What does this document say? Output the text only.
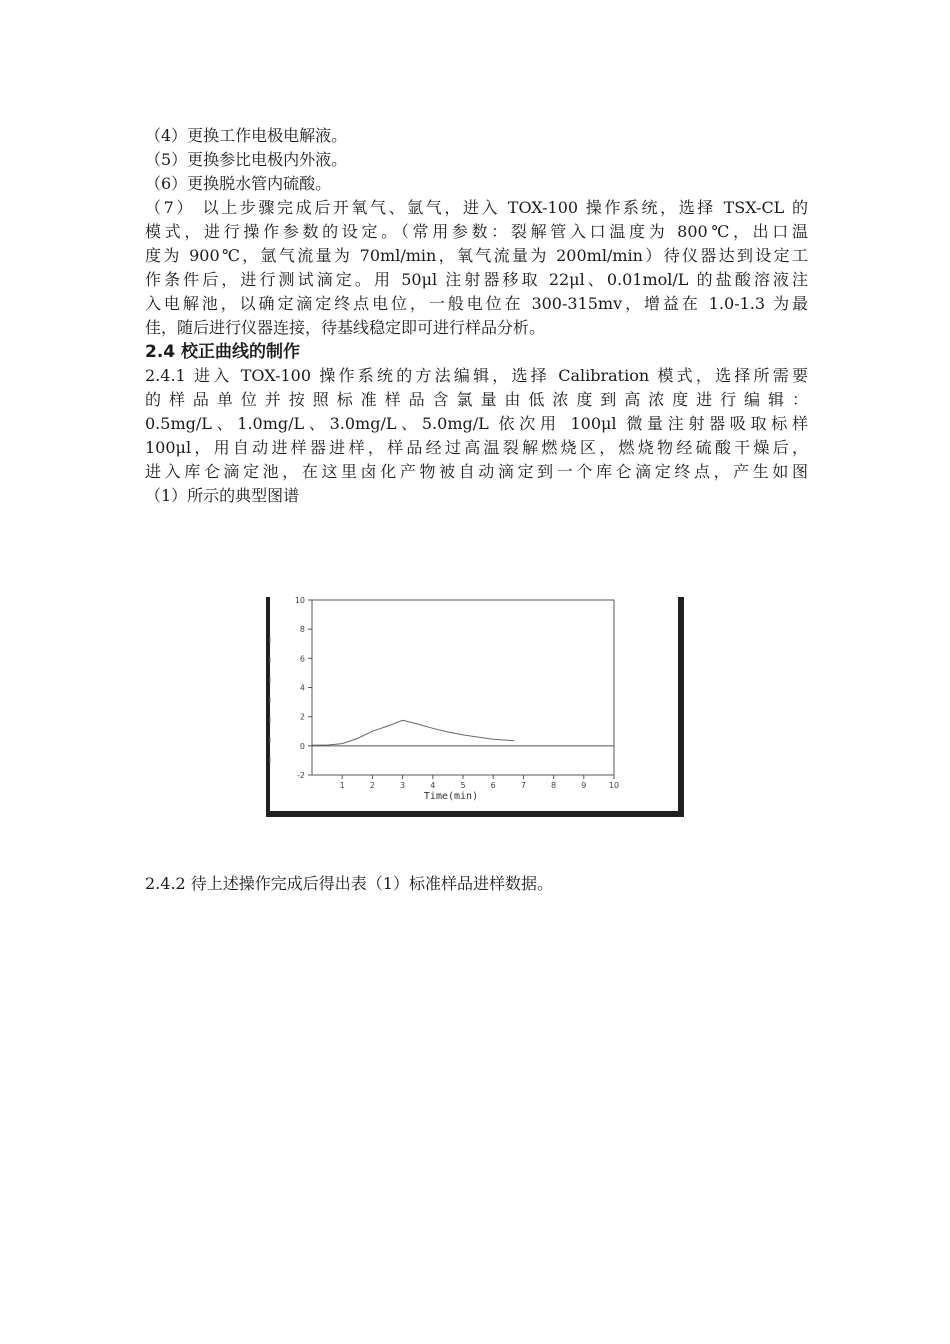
（4）更换工作电极电解液。
（5）更换参比电极内外液。
（6）更换脱水管内硫酸。
（7） 以上步骤完成后开氧气、氩气，进入 TOX-100 操作系统，选择 TSX-CL 的
模式，进行操作参数的设定。（常用参数：裂解管入口温度为 800℃，出口温
度为 900℃，氩气流量为 70ml/min，氧气流量为 200ml/min）待仪器达到设定工
作条件后，进行测试滴定。用 50μl 注射器移取 22μl、0.01mol/L 的盐酸溶液注
入电解池，以确定滴定终点电位，一般电位在 300-315mv，增益在 1.0-1.3 为最
佳，随后进行仪器连接，待基线稳定即可进行样品分析。
2.4 校正曲线的制作
2.4.1 进入 TOX-100 操作系统的方法编辑，选择 Calibration 模式，选择所需要
的样品单位并按照标准样品含氯量由低浓度到高浓度进行编辑：
0.5mg/L、1.0mg/L、3.0mg/L、5.0mg/L 依次用 100μl 微量注射器吸取标样
100μl，用自动进样器进样，样品经过高温裂解燃烧区，燃烧物经硫酸干燥后，
进入库仑滴定池，在这里卤化产物被自动滴定到一个库仑滴定终点，产生如图
（1）所示的典型图谱
10
8
6
4
2
0
-2
1	2	3	4	5	6	7	8	9	10
Time(min)
2.4.2 待上述操作完成后得出表（1）标准样品进样数据。
